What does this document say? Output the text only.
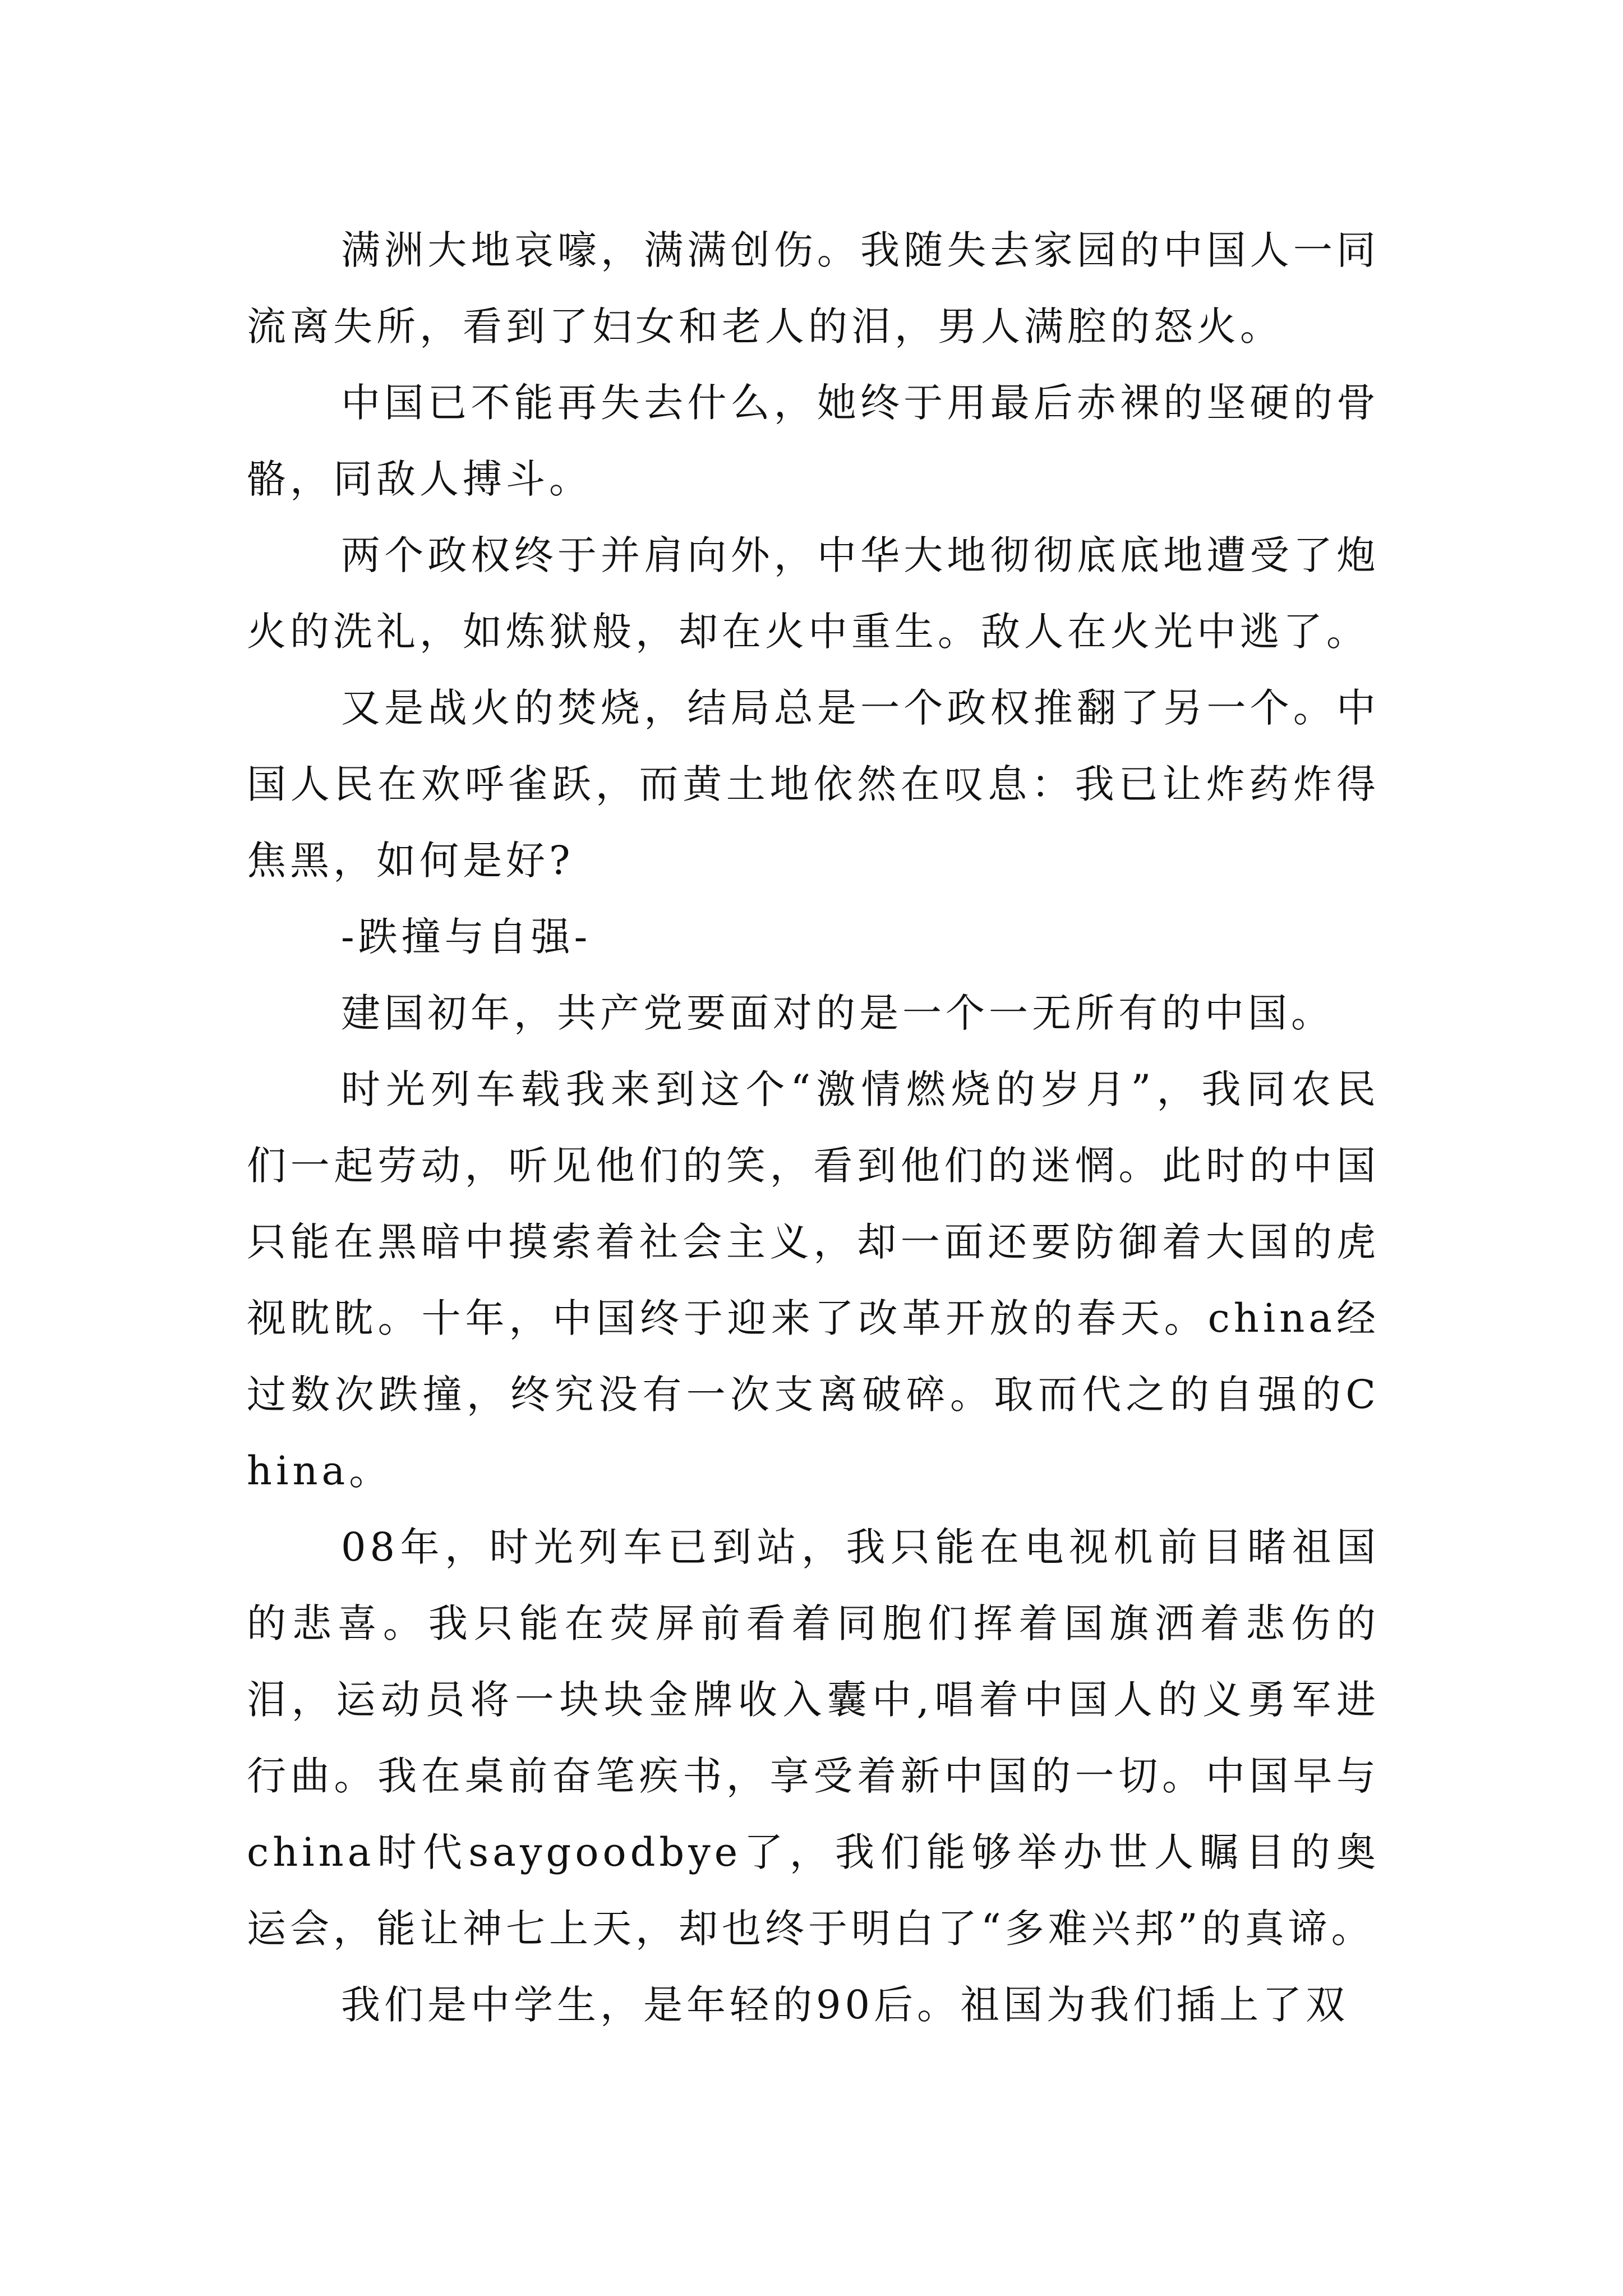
满洲大地哀嚎，满满创伤。我随失去家园的中国人一同流离失所，看到了妇女和老人的泪，男人满腔的怒火。

中国已不能再失去什么，她终于用最后赤裸的坚硬的骨骼，同敌人搏斗。

两个政权终于并肩向外，中华大地彻彻底底地遭受了炮火的洗礼，如炼狱般，却在火中重生。敌人在火光中逃了。

又是战火的焚烧，结局总是一个政权推翻了另一个。中国人民在欢呼雀跃，而黄土地依然在叹息：我已让炸药炸得焦黑，如何是好?

-跌撞与自强-

建国初年，共产党要面对的是一个一无所有的中国。

时光列车载我来到这个“激情燃烧的岁月”，我同农民们一起劳动，听见他们的笑，看到他们的迷惘。此时的中国只能在黑暗中摸索着社会主义，却一面还要防御着大国的虎视眈眈。十年，中国终于迎来了改革开放的春天。china经过数次跌撞，终究没有一次支离破碎。取而代之的自强的China。

08年，时光列车已到站，我只能在电视机前目睹祖国的悲喜。我只能在荧屏前看着同胞们挥着国旗洒着悲伤的泪，运动员将一块块金牌收入囊中,唱着中国人的义勇军进行曲。我在桌前奋笔疾书，享受着新中国的一切。中国早与china时代saygoodbye了，我们能够举办世人瞩目的奥运会，能让神七上天，却也终于明白了“多难兴邦”的真谛。

我们是中学生，是年轻的90后。祖国为我们插上了双
